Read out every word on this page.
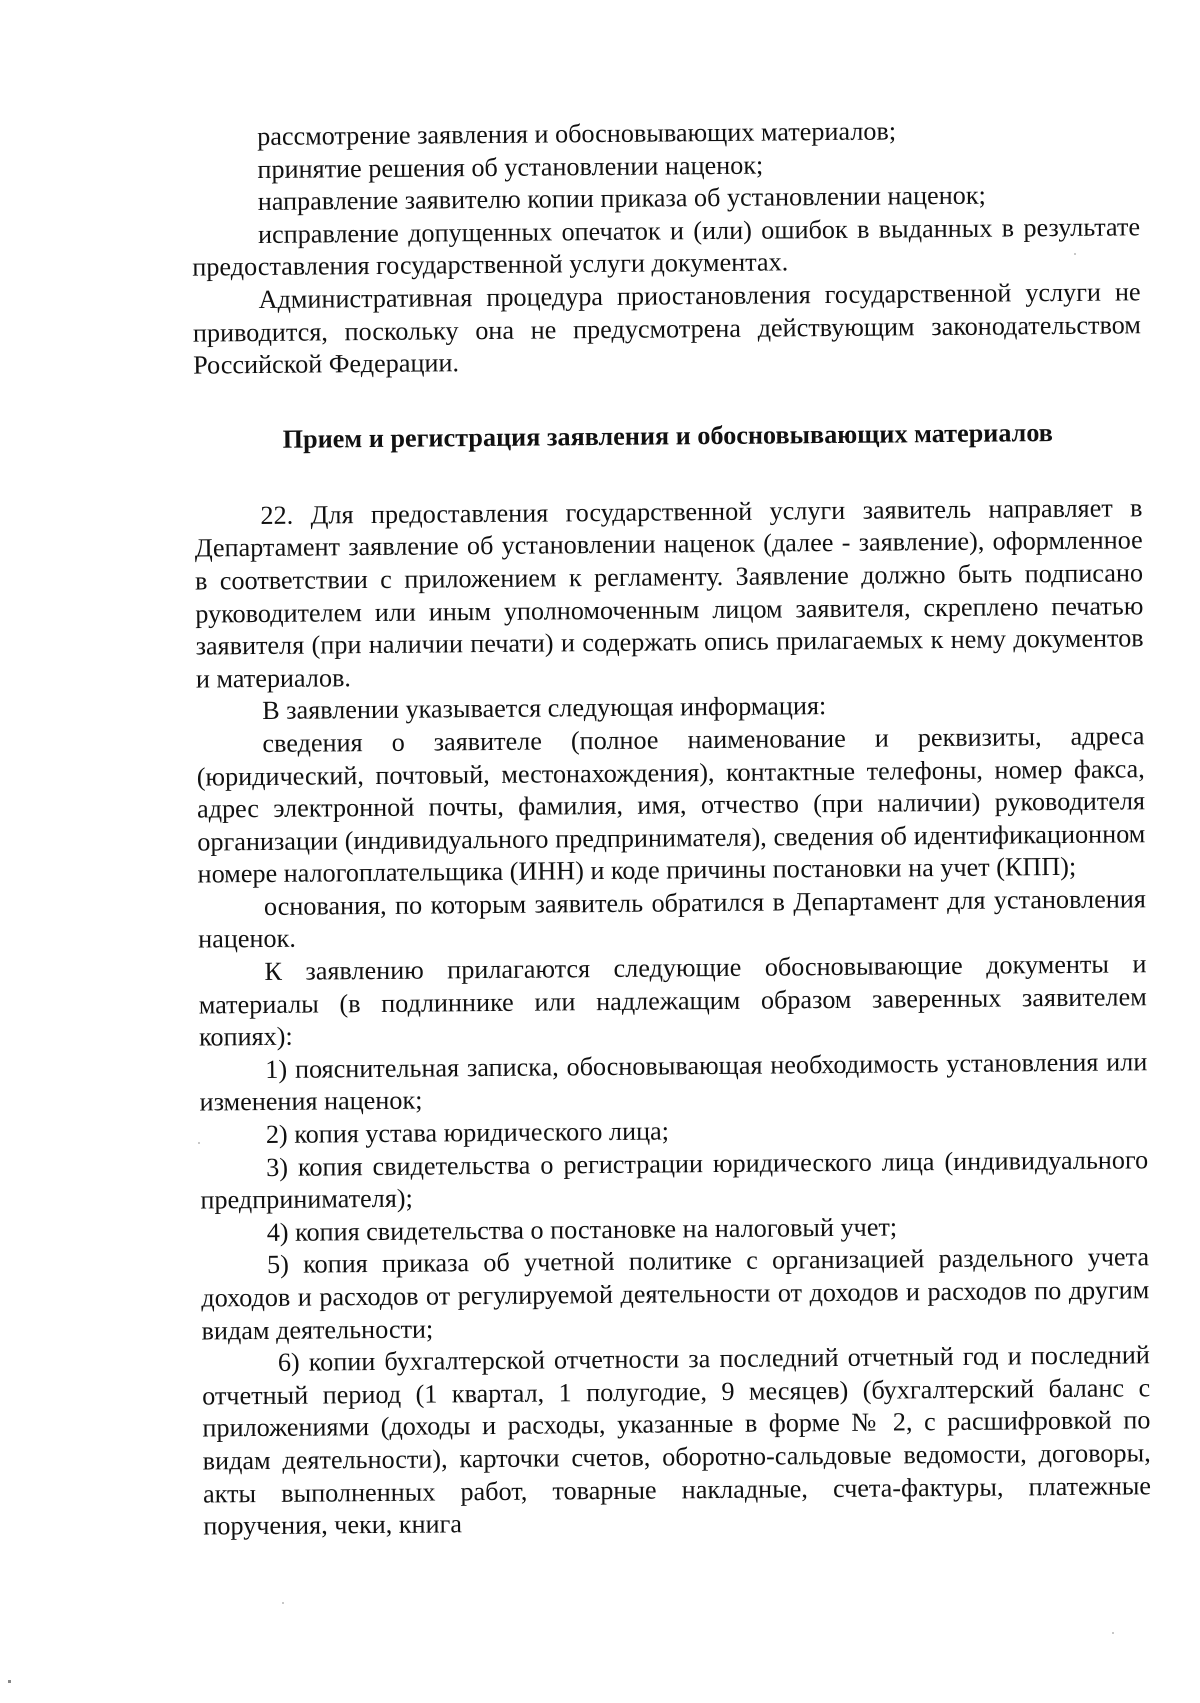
рассмотрение заявления и обосновывающих материалов;

принятие решения об установлении наценок;

направление заявителю копии приказа об установлении наценок;

исправление допущенных опечаток и (или) ошибок в выданных в результате предоставления государственной услуги документах.

Административная процедура приостановления государственной услуги не приводится, поскольку она не предусмотрена действующим законодательством Российской Федерации.

Прием и регистрация заявления и обосновывающих материалов

22. Для предоставления государственной услуги заявитель направляет в Департамент заявление об установлении наценок (далее - заявление), оформленное в соответствии с приложением к регламенту. Заявление должно быть подписано руководителем или иным уполномоченным лицом заявителя, скреплено печатью заявителя (при наличии печати) и содержать опись прилагаемых к нему документов и материалов.

В заявлении указывается следующая информация:

сведения о заявителе (полное наименование и реквизиты, адреса (юридический, почтовый, местонахождения), контактные телефоны, номер факса, адрес электронной почты, фамилия, имя, отчество (при наличии) руководителя организации (индивидуального предпринимателя), сведения об идентификационном номере налогоплательщика (ИНН) и коде причины постановки на учет (КПП);

основания, по которым заявитель обратился в Департамент для установления наценок.

К заявлению прилагаются следующие обосновывающие документы и материалы (в подлиннике или надлежащим образом заверенных заявителем копиях):

1) пояснительная записка, обосновывающая необходимость установления или изменения наценок;

2) копия устава юридического лица;

3) копия свидетельства о регистрации юридического лица (индивидуального предпринимателя);

4) копия свидетельства о постановке на налоговый учет;

5) копия приказа об учетной политике с организацией раздельного учета доходов и расходов от регулируемой деятельности от доходов и расходов по другим видам деятельности;

6) копии бухгалтерской отчетности за последний отчетный год и последний отчетный период (1 квартал, 1 полугодие, 9 месяцев) (бухгалтерский баланс с приложениями (доходы и расходы, указанные в форме № 2, с расшифровкой по видам деятельности), карточки счетов, оборотно-сальдовые ведомости, договоры, акты выполненных работ, товарные накладные, счета-фактуры, платежные поручения, чеки, книга
